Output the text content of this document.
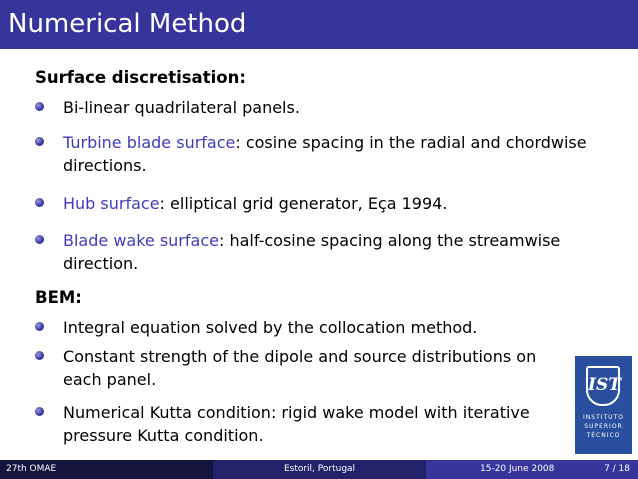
Numerical Method
Surface discretisation:
Bi-linear quadrilateral panels.
Turbine blade surface: cosine spacing in the radial and chordwise
directions.
Hub surface: elliptical grid generator, Eça 1994.
Blade wake surface: half-cosine spacing along the streamwise
direction.
BEM:
Integral equation solved by the collocation method.
Constant strength of the dipole and source distributions on
each panel.
Numerical Kutta condition: rigid wake model with iterative
pressure Kutta condition.
IST
INSTITUTO
SUPERIOR
TÉCNICO
27th OMAE	Estoril, Portugal	15-20 June 2008	7 / 18
